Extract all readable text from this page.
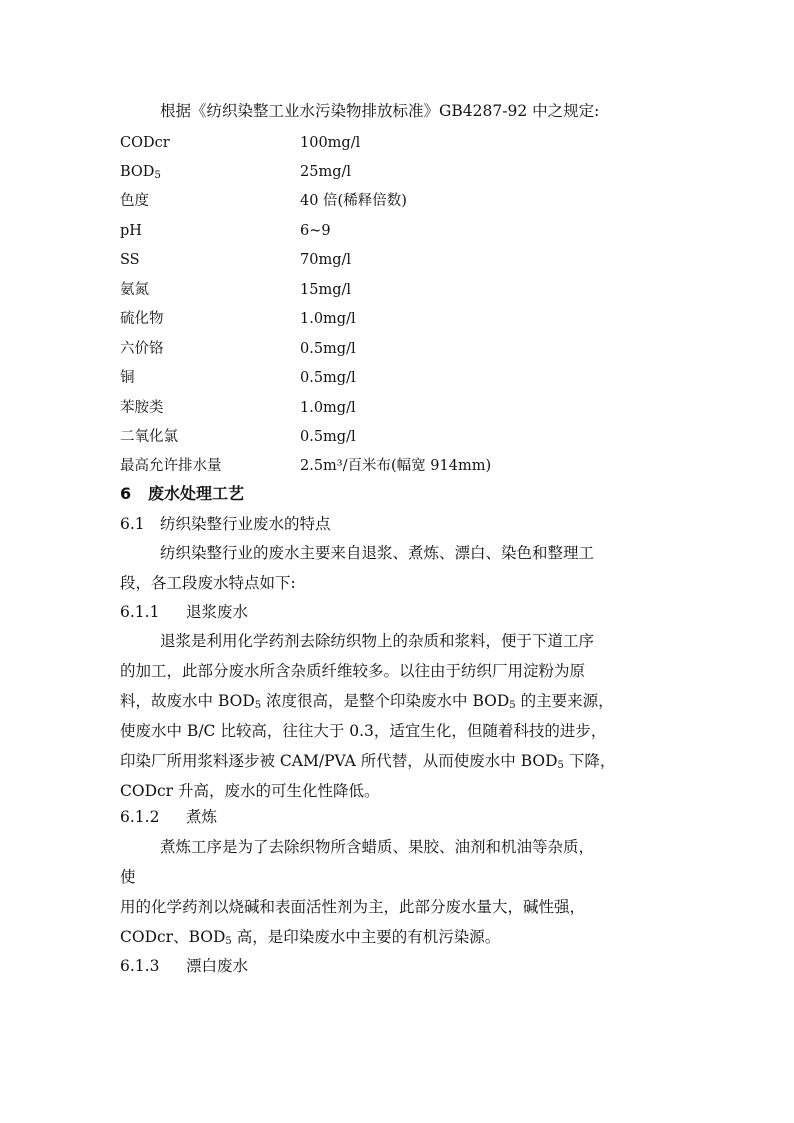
根据《纺织染整工业水污染物排放标准》GB4287-92 中之规定:
CODcr	100mg/l
$BOD_5$	25mg/l
色度	40 倍(稀释倍数)
pH	6~9
SS	70mg/l
氨氮	15mg/l
硫化物	1.0mg/l
六价铬	0.5mg/l
铜	0.5mg/l
苯胺类	1.0mg/l
二氧化氯	0.5mg/l
最高允许排水量	2.5m³/百米布(幅宽 914mm)
6 废水处理工艺
6.1 纺织染整行业废水的特点
纺织染整行业的废水主要来自退浆、煮炼、漂白、染色和整理工
段，各工段废水特点如下:
6.1.1 退浆废水
退浆是利用化学药剂去除纺织物上的杂质和浆料，便于下道工序
的加工，此部分废水所含杂质纤维较多。以往由于纺织厂用淀粉为原
料，故废水中 $BOD_5$ 浓度很高，是整个印染废水中 $BOD_5$ 的主要来源，
使废水中 B/C 比较高，往往大于 0.3，适宜生化，但随着科技的进步，
印染厂所用浆料逐步被 CAM/PVA 所代替，从而使废水中 $BOD_5$ 下降，
CODcr 升高，废水的可生化性降低。
6.1.2 煮炼
煮炼工序是为了去除织物所含蜡质、果胶、油剂和机油等杂质，
使
用的化学药剂以烧碱和表面活性剂为主，此部分废水量大，碱性强，
CODcr、$BOD_5$ 高，是印染废水中主要的有机污染源。
6.1.3 漂白废水
